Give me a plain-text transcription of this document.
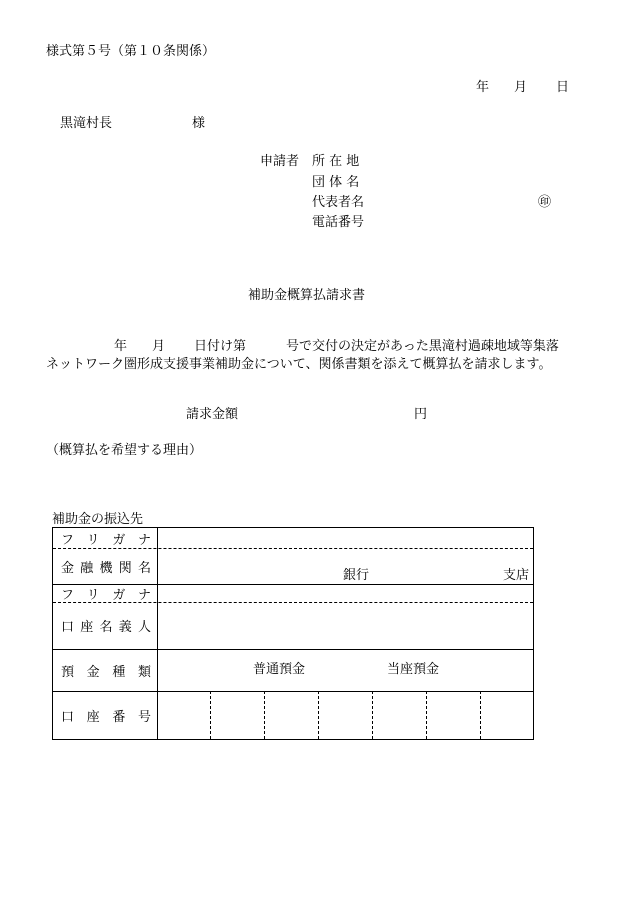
様式第５号（第１０条関係）
年 月 日
黒滝村長	様
申請者 所 在 地
団 体 名
代表者名	㊞
電話番号
補助金概算払請求書
年 月 日付け第	号で交付の決定があった黒滝村過疎地域等集落
ネットワーク圏形成支援事業補助金について、関係書類を添えて概算払を請求します。
請求金額	円
（概算払を希望する理由）
補助金の振込先
フ リ ガ ナ
金 融 機 関 名	銀行	支店
フ リ ガ ナ
口 座 名 義 人
預 金 種 類	普通預金	当座預金
口 座 番 号
